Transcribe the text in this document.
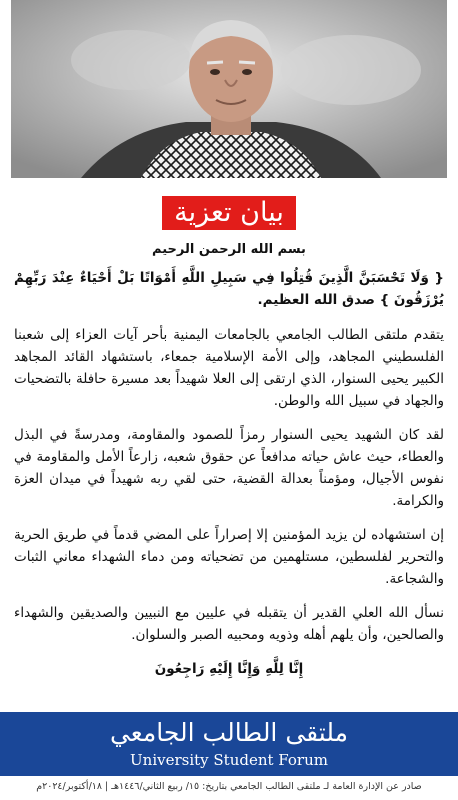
بيان تعزية
بسم الله الرحمن الرحيم
{ وَلَا تَحْسَبَنَّ الَّذِينَ قُتِلُوا فِي سَبِيلِ اللَّهِ أَمْوَاتًا بَلْ أَحْيَاءٌ عِنْدَ رَبِّهِمْ يُرْزَقُونَ } صدق الله العظيم.
يتقدم ملتقى الطالب الجامعي بالجامعات اليمنية بأحر آيات العزاء إلى شعبنا الفلسطيني المجاهد، وإلى الأمة الإسلامية جمعاء، باستشهاد القائد المجاهد الكبير يحيى السنوار، الذي ارتقى إلى العلا شهيداً بعد مسيرة حافلة بالتضحيات والجهاد في سبيل الله والوطن.
لقد كان الشهيد يحيى السنوار رمزاً للصمود والمقاومة، ومدرسةً في البذل والعطاء، حيث عاش حياته مدافعاً عن حقوق شعبه، زارعاً الأمل والمقاومة في نفوس الأجيال، ومؤمناً بعدالة القضية، حتى لقي ربه شهيداً في ميدان العزة والكرامة.
إن استشهاده لن يزيد المؤمنين إلا إصراراً على المضي قدماً في طريق الحرية والتحرير لفلسطين، مستلهمين من تضحياته ومن دماء الشهداء معاني الثبات والشجاعة.
نسأل الله العلي القدير أن يتقبله في عليين مع النبيين والصديقين والشهداء والصالحين، وأن يلهم أهله وذويه ومحبيه الصبر والسلوان.
إِنَّا لِلَّهِ وَإِنَّا إِلَيْهِ رَاجِعُونَ
ملتقى الطالب الجامعي
University Student Forum
صادر عن الإدارة العامة لـ ملتقى الطالب الجامعي بتاريخ: ١٥/ ربيع الثاني/١٤٤٦هـ | ١٨/أكتوبر/٢٠٢٤م
